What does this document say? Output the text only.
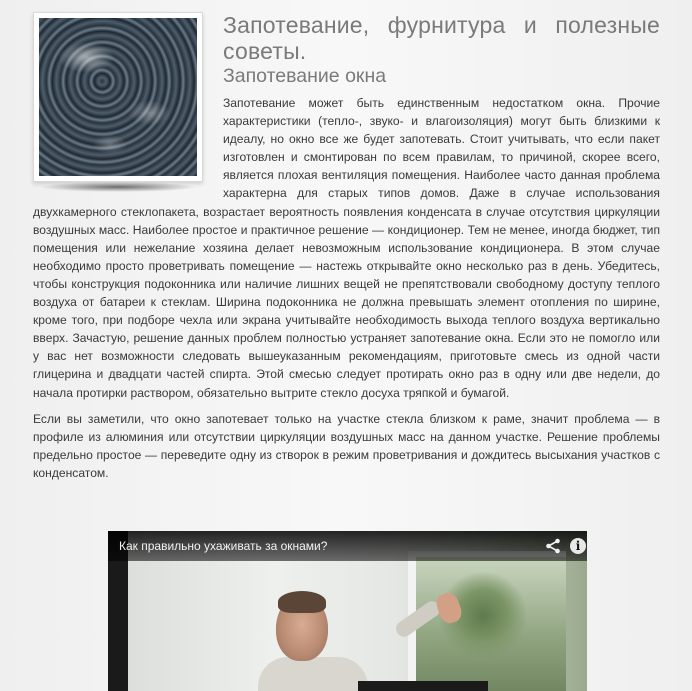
Запотевание, фурнитура и полезные советы.
Запотевание окна

Запотевание может быть единственным недостатком окна. Прочие характеристики (тепло-, звуко- и влагоизоляция) могут быть близкими к идеалу, но окно все же будет запотевать. Стоит учитывать, что если пакет изготовлен и смонтирован по всем правилам, то причиной, скорее всего, является плохая вентиляция помещения. Наиболее часто данная проблема характерна для старых типов домов. Даже в случае использования двухкамерного стеклопакета, возрастает вероятность появления конденсата в случае отсутствия циркуляции воздушных масс. Наиболее простое и практичное решение — кондиционер. Тем не менее, иногда бюджет, тип помещения или нежелание хозяина делает невозможным использование кондиционера. В этом случае необходимо просто проветривать помещение — настежь открывайте окно несколько раз в день. Убедитесь, чтобы конструкция подоконника или наличие лишних вещей не препятствовали свободному доступу теплого воздуха от батареи к стеклам. Ширина подоконника не должна превышать элемент отопления по ширине, кроме того, при подборе чехла или экрана учитывайте необходимость выхода теплого воздуха вертикально вверх. Зачастую, решение данных проблем полностью устраняет запотевание окна. Если это не помогло или у вас нет возможности следовать вышеуказанным рекомендациям, приготовьте смесь из одной части глицерина и двадцати частей спирта. Этой смесью следует протирать окно раз в одну или две недели, до начала протирки раствором, обязательно вытрите стекло досуха тряпкой и бумагой.

Если вы заметили, что окно запотевает только на участке стекла близком к раме, значит проблема — в профиле из алюминия или отсутствии циркуляции воздушных масс на данном участке. Решение проблемы предельно простое — переведите одну из створок в режим проветривания и дождитесь высыхания участков с конденсатом.

Как правильно ухаживать за окнами?	i
